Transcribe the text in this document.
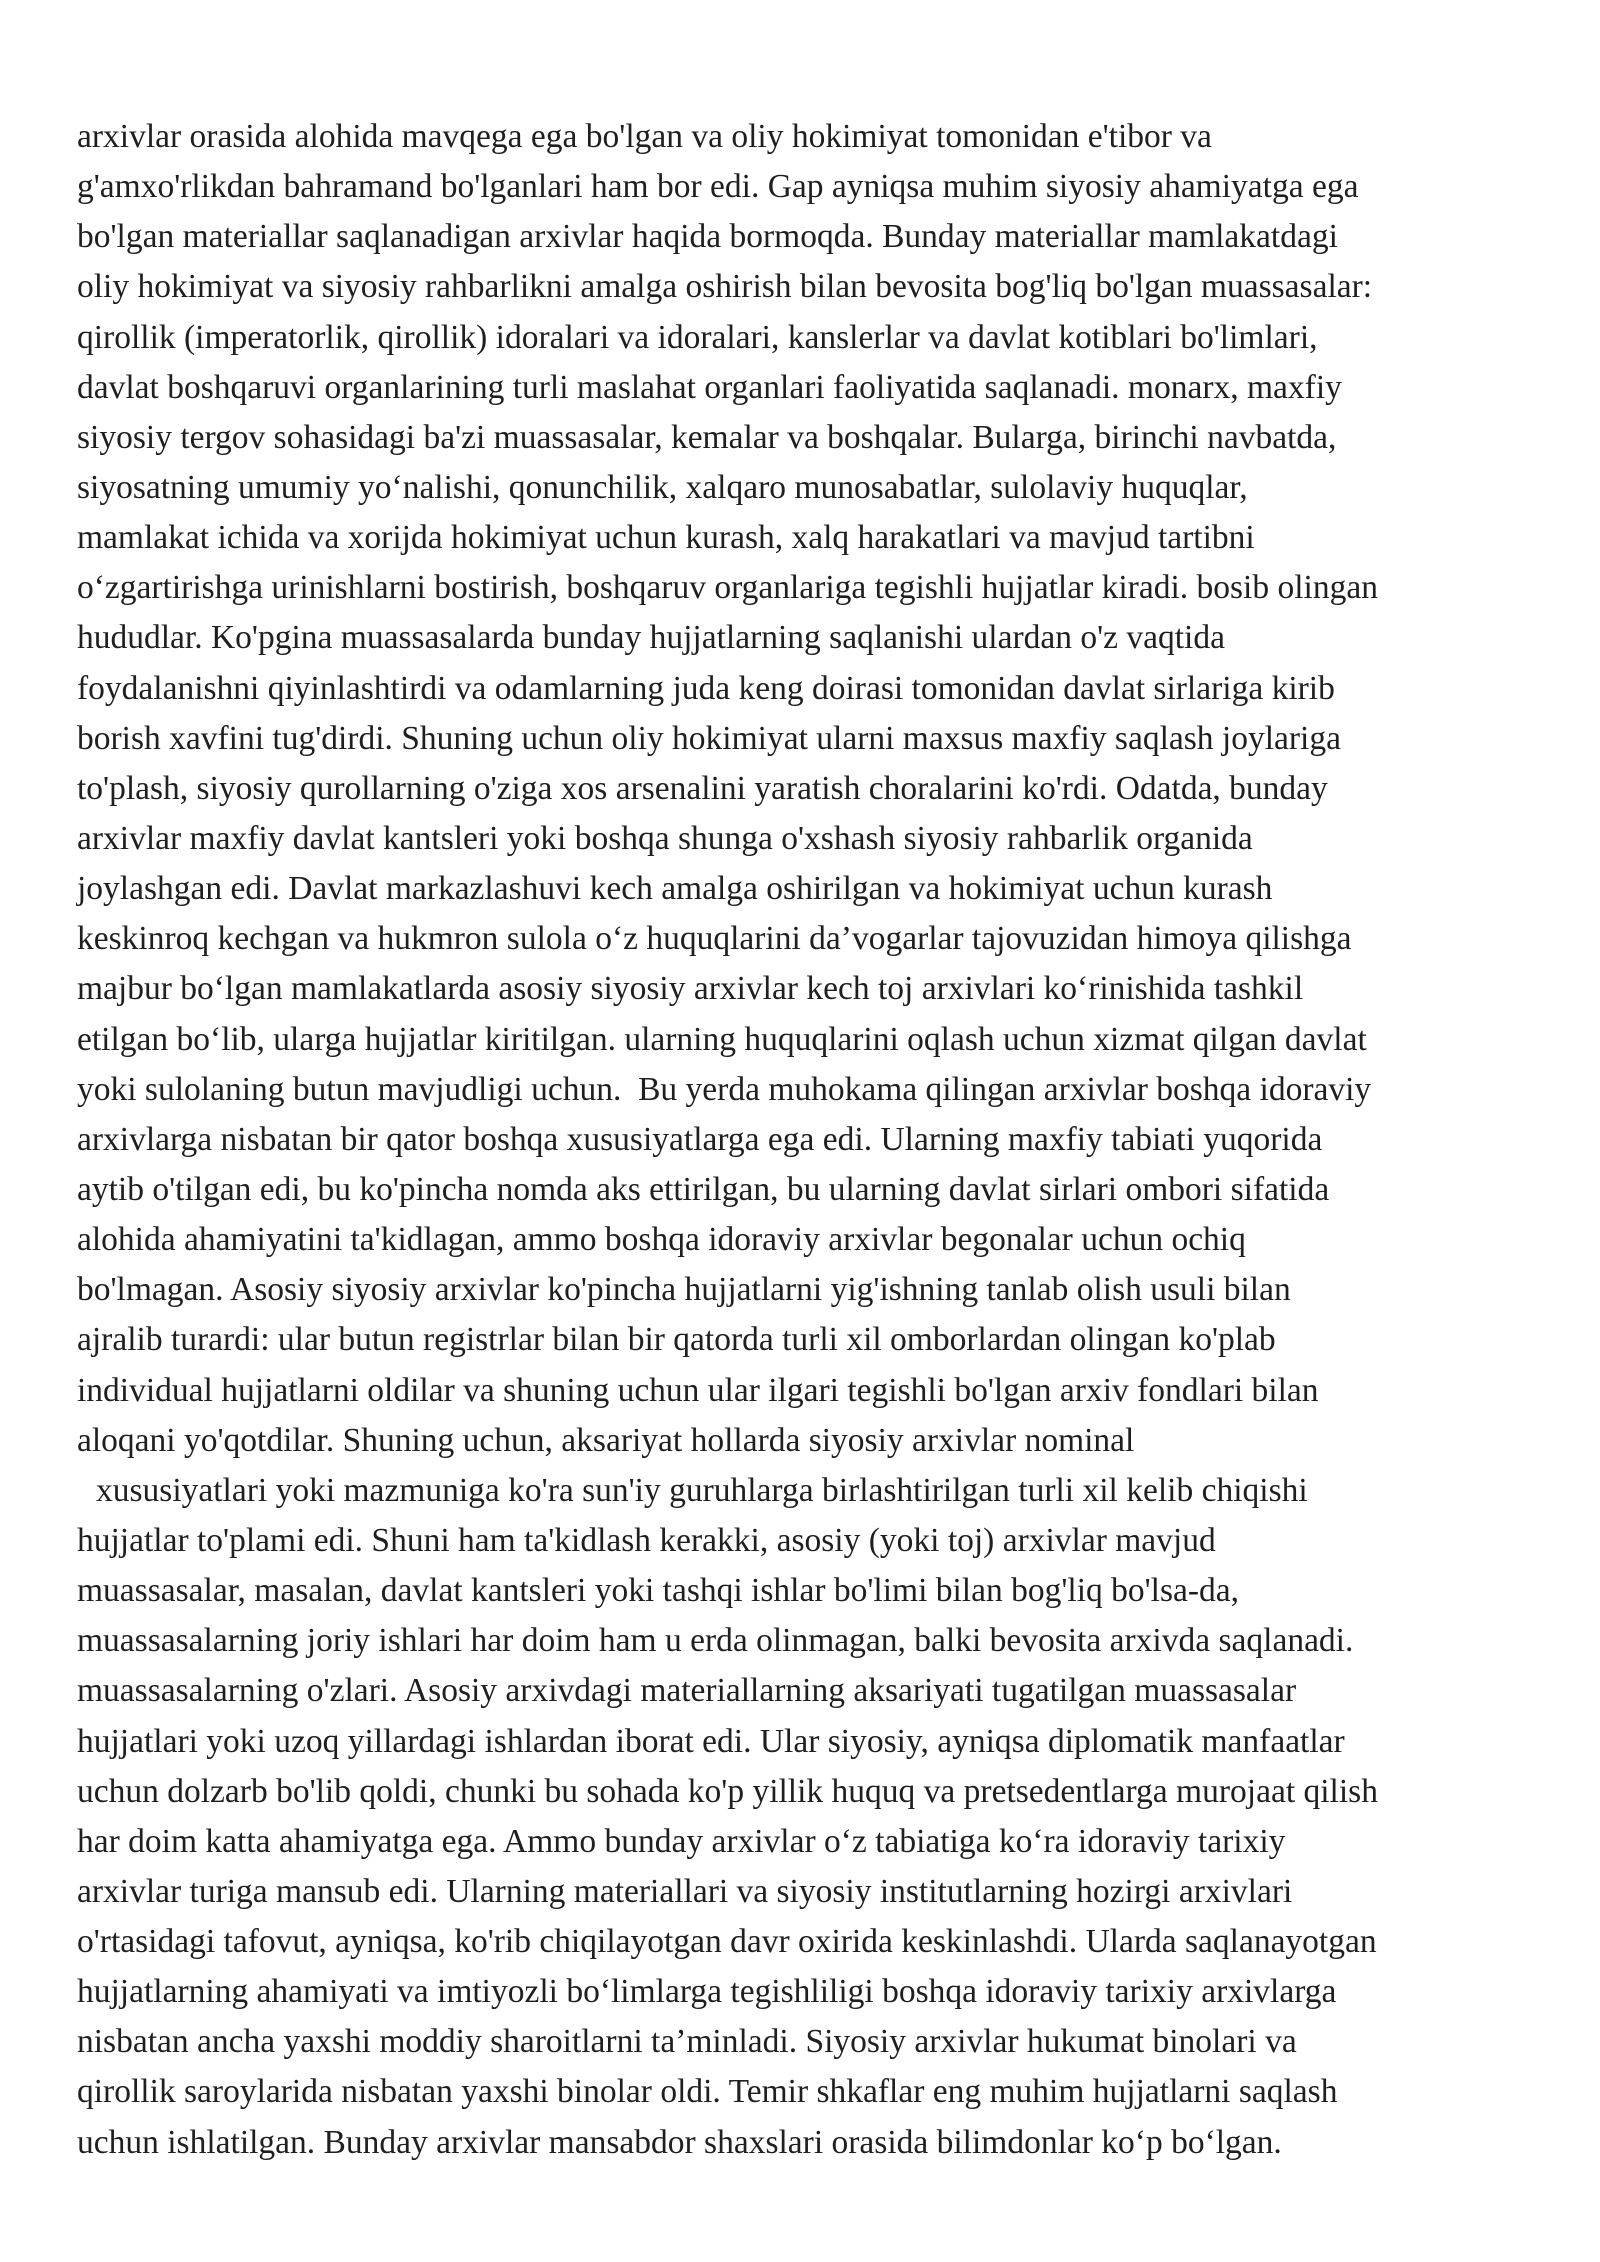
arxivlar orasida alohida mavqega ega bo'lgan va oliy hokimiyat tomonidan e'tibor va
g'amxo'rlikdan bahramand bo'lganlari ham bor edi. Gap ayniqsa muhim siyosiy ahamiyatga ega
bo'lgan materiallar saqlanadigan arxivlar haqida bormoqda. Bunday materiallar mamlakatdagi
oliy hokimiyat va siyosiy rahbarlikni amalga oshirish bilan bevosita bog'liq bo'lgan muassasalar:
qirollik (imperatorlik, qirollik) idoralari va idoralari, kanslerlar va davlat kotiblari bo'limlari,
davlat boshqaruvi organlarining turli maslahat organlari faoliyatida saqlanadi. monarx, maxfiy
siyosiy tergov sohasidagi ba'zi muassasalar, kemalar va boshqalar. Bularga, birinchi navbatda,
siyosatning umumiy yo‘nalishi, qonunchilik, xalqaro munosabatlar, sulolaviy huquqlar,
mamlakat ichida va xorijda hokimiyat uchun kurash, xalq harakatlari va mavjud tartibni
o‘zgartirishga urinishlarni bostirish, boshqaruv organlariga tegishli hujjatlar kiradi. bosib olingan
hududlar. Ko'pgina muassasalarda bunday hujjatlarning saqlanishi ulardan o'z vaqtida
foydalanishni qiyinlashtirdi va odamlarning juda keng doirasi tomonidan davlat sirlariga kirib
borish xavfini tug'dirdi. Shuning uchun oliy hokimiyat ularni maxsus maxfiy saqlash joylariga
to'plash, siyosiy qurollarning o'ziga xos arsenalini yaratish choralarini ko'rdi. Odatda, bunday
arxivlar maxfiy davlat kantsleri yoki boshqa shunga o'xshash siyosiy rahbarlik organida
joylashgan edi. Davlat markazlashuvi kech amalga oshirilgan va hokimiyat uchun kurash
keskinroq kechgan va hukmron sulola o‘z huquqlarini da’vogarlar tajovuzidan himoya qilishga
majbur bo‘lgan mamlakatlarda asosiy siyosiy arxivlar kech toj arxivlari ko‘rinishida tashkil
etilgan bo‘lib, ularga hujjatlar kiritilgan. ularning huquqlarini oqlash uchun xizmat qilgan davlat
yoki sulolaning butun mavjudligi uchun.  Bu yerda muhokama qilingan arxivlar boshqa idoraviy
arxivlarga nisbatan bir qator boshqa xususiyatlarga ega edi. Ularning maxfiy tabiati yuqorida
aytib o'tilgan edi, bu ko'pincha nomda aks ettirilgan, bu ularning davlat sirlari ombori sifatida
alohida ahamiyatini ta'kidlagan, ammo boshqa idoraviy arxivlar begonalar uchun ochiq
bo'lmagan. Asosiy siyosiy arxivlar ko'pincha hujjatlarni yig'ishning tanlab olish usuli bilan
ajralib turardi: ular butun registrlar bilan bir qatorda turli xil omborlardan olingan ko'plab
individual hujjatlarni oldilar va shuning uchun ular ilgari tegishli bo'lgan arxiv fondlari bilan
aloqani yo'qotdilar. Shuning uchun, aksariyat hollarda siyosiy arxivlar nominal
xususiyatlari yoki mazmuniga ko'ra sun'iy guruhlarga birlashtirilgan turli xil kelib chiqishi
hujjatlar to'plami edi. Shuni ham ta'kidlash kerakki, asosiy (yoki toj) arxivlar mavjud
muassasalar, masalan, davlat kantsleri yoki tashqi ishlar bo'limi bilan bog'liq bo'lsa-da,
muassasalarning joriy ishlari har doim ham u erda olinmagan, balki bevosita arxivda saqlanadi.
muassasalarning o'zlari. Asosiy arxivdagi materiallarning aksariyati tugatilgan muassasalar
hujjatlari yoki uzoq yillardagi ishlardan iborat edi. Ular siyosiy, ayniqsa diplomatik manfaatlar
uchun dolzarb bo'lib qoldi, chunki bu sohada ko'p yillik huquq va pretsedentlarga murojaat qilish
har doim katta ahamiyatga ega. Ammo bunday arxivlar o‘z tabiatiga ko‘ra idoraviy tarixiy
arxivlar turiga mansub edi. Ularning materiallari va siyosiy institutlarning hozirgi arxivlari
o'rtasidagi tafovut, ayniqsa, ko'rib chiqilayotgan davr oxirida keskinlashdi. Ularda saqlanayotgan
hujjatlarning ahamiyati va imtiyozli bo‘limlarga tegishliligi boshqa idoraviy tarixiy arxivlarga
nisbatan ancha yaxshi moddiy sharoitlarni ta’minladi. Siyosiy arxivlar hukumat binolari va
qirollik saroylarida nisbatan yaxshi binolar oldi. Temir shkaflar eng muhim hujjatlarni saqlash
uchun ishlatilgan. Bunday arxivlar mansabdor shaxslari orasida bilimdonlar ko‘p bo‘lgan.
